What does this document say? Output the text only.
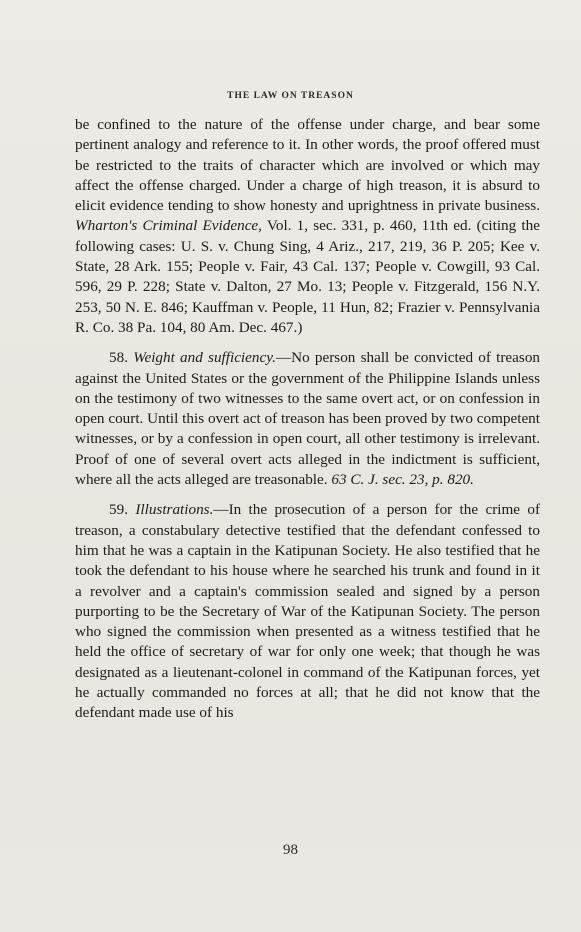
THE LAW ON TREASON

be confined to the nature of the offense under charge, and bear some pertinent analogy and reference to it. In other words, the proof offered must be restricted to the traits of character which are involved or which may affect the offense charged. Under a charge of high treason, it is absurd to elicit evidence tending to show honesty and uprightness in private business. Wharton's Criminal Evidence, Vol. 1, sec. 331, p. 460, 11th ed. (citing the following cases: U. S. v. Chung Sing, 4 Ariz., 217, 219, 36 P. 205; Kee v. State, 28 Ark. 155; People v. Fair, 43 Cal. 137; People v. Cowgill, 93 Cal. 596, 29 P. 228; State v. Dalton, 27 Mo. 13; People v. Fitzgerald, 156 N.Y. 253, 50 N. E. 846; Kauffman v. People, 11 Hun, 82; Frazier v. Pennsylvania R. Co. 38 Pa. 104, 80 Am. Dec. 467.)

58. Weight and sufficiency.—No person shall be convicted of treason against the United States or the government of the Philippine Islands unless on the testimony of two witnesses to the same overt act, or on confession in open court. Until this overt act of treason has been proved by two competent witnesses, or by a confession in open court, all other testimony is irrelevant. Proof of one of several overt acts alleged in the indictment is sufficient, where all the acts alleged are treasonable. 63 C. J. sec. 23, p. 820.

59. Illustrations.—In the prosecution of a person for the crime of treason, a constabulary detective testified that the defendant confessed to him that he was a captain in the Katipunan Society. He also testified that he took the defendant to his house where he searched his trunk and found in it a revolver and a captain's commission sealed and signed by a person purporting to be the Secretary of War of the Katipunan Society. The person who signed the commission when presented as a witness testified that he held the office of secretary of war for only one week; that though he was designated as a lieutenant-colonel in command of the Katipunan forces, yet he actually commanded no forces at all; that he did not know that the defendant made use of his

98
